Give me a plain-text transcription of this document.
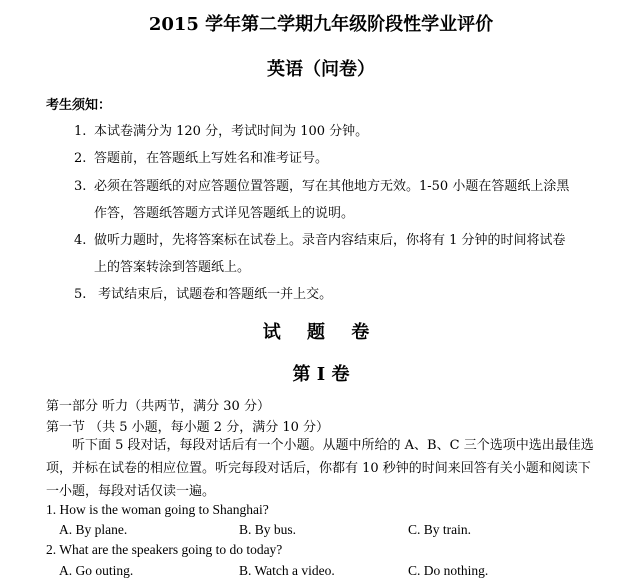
2015 学年第二学期九年级阶段性学业评价
英语（问卷）
考生须知：
1. 本试卷满分为 120 分，考试时间为 100 分钟。
2. 答题前，在答题纸上写姓名和准考证号。
3. 必须在答题纸的对应答题位置答题，写在其他地方无效。1-50 小题在答题纸上涂黑
作答，答题纸答题方式详见答题纸上的说明。
4. 做听力题时，先将答案标在试卷上。录音内容结束后，你将有 1 分钟的时间将试卷
上的答案转涂到答题纸上。
5. 考试结束后，试题卷和答题纸一并上交。
试 题 卷
第 I 卷
第一部分 听力（共两节，满分 30 分）
第一节 （共 5 小题，每小题 2 分，满分 10 分）
听下面 5 段对话，每段对话后有一个小题。从题中所给的 A、B、C 三个选项中选出最佳选项，并标在试卷的相应位置。听完每段对话后，你都有 10 秒钟的时间来回答有关小题和阅读下一小题，每段对话仅读一遍。
1. How is the woman going to Shanghai?
A. By plane.	B. By bus.	C. By train.
2. What are the speakers going to do today?
A. Go outing.	B. Watch a video.	C. Do nothing.
